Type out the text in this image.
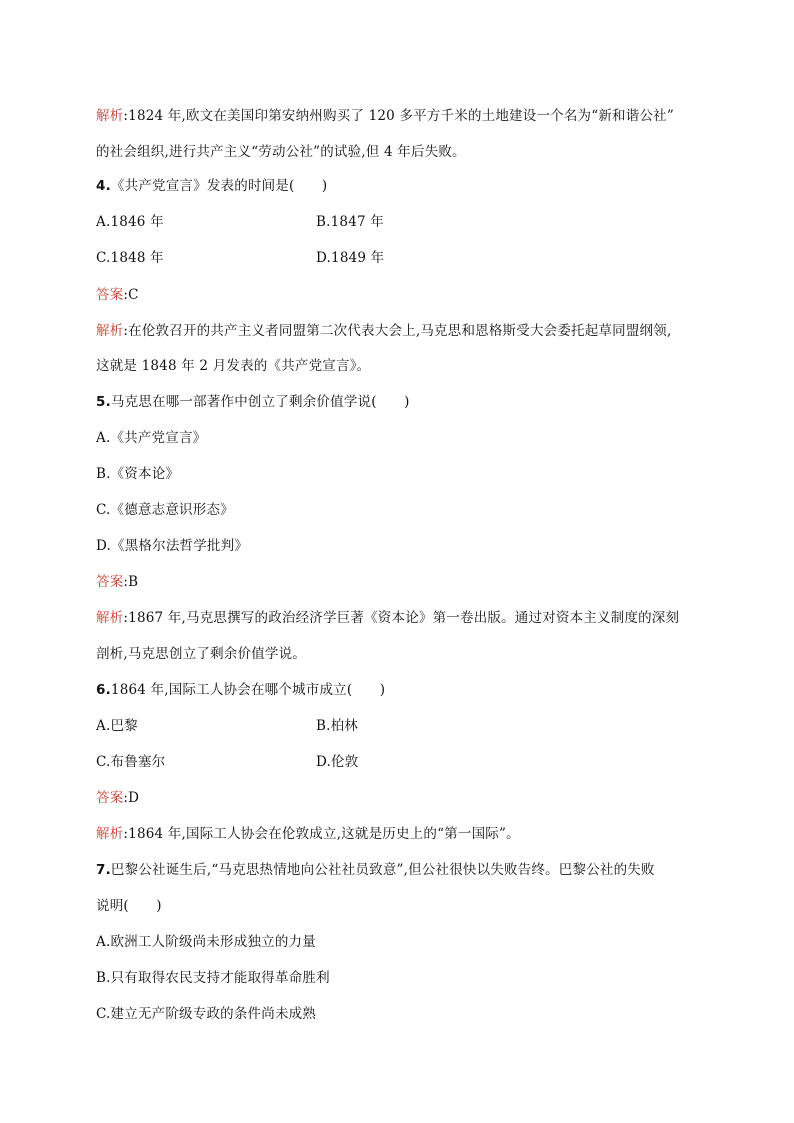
解析:1824 年,欧文在美国印第安纳州购买了 120 多平方千米的土地建设一个名为“新和谐公社”
的社会组织,进行共产主义“劳动公社”的试验,但 4 年后失败。
4.《共产党宣言》发表的时间是(　　)
A.1846 年	B.1847 年
C.1848 年	D.1849 年
答案:C
解析:在伦敦召开的共产主义者同盟第二次代表大会上,马克思和恩格斯受大会委托起草同盟纲领,
这就是 1848 年 2 月发表的《共产党宣言》。
5.马克思在哪一部著作中创立了剩余价值学说(　　)
A.《共产党宣言》
B.《资本论》
C.《德意志意识形态》
D.《黑格尔法哲学批判》
答案:B
解析:1867 年,马克思撰写的政治经济学巨著《资本论》第一卷出版。通过对资本主义制度的深刻
剖析,马克思创立了剩余价值学说。
6.1864 年,国际工人协会在哪个城市成立(　　)
A.巴黎	B.柏林
C.布鲁塞尔	D.伦敦
答案:D
解析:1864 年,国际工人协会在伦敦成立,这就是历史上的“第一国际”。
7.巴黎公社诞生后,“马克思热情地向公社社员致意”,但公社很快以失败告终。巴黎公社的失败
说明(　　)
A.欧洲工人阶级尚未形成独立的力量
B.只有取得农民支持才能取得革命胜利
C.建立无产阶级专政的条件尚未成熟
